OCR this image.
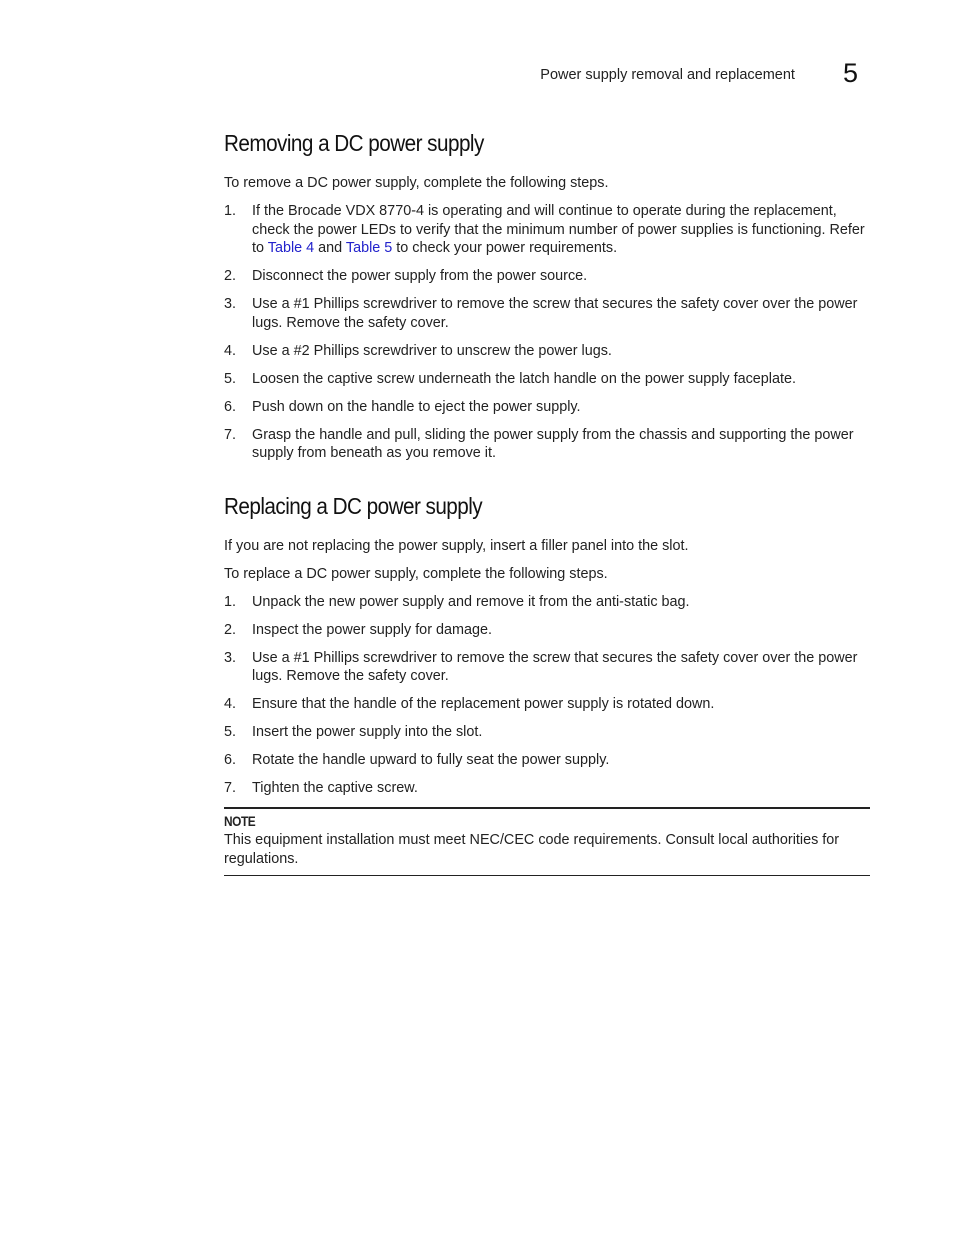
Power supply removal and replacement 5
Removing a DC power supply

To remove a DC power supply, complete the following steps.

1.	If the Brocade VDX 8770-4 is operating and will continue to operate during the replacement, check the power LEDs to verify that the minimum number of power supplies is functioning. Refer to Table 4 and Table 5 to check your power requirements.
2.	Disconnect the power supply from the power source.
3.	Use a #1 Phillips screwdriver to remove the screw that secures the safety cover over the power lugs. Remove the safety cover.
4.	Use a #2 Phillips screwdriver to unscrew the power lugs.
5.	Loosen the captive screw underneath the latch handle on the power supply faceplate.
6.	Push down on the handle to eject the power supply.
7.	Grasp the handle and pull, sliding the power supply from the chassis and supporting the power supply from beneath as you remove it.
Replacing a DC power supply

If you are not replacing the power supply, insert a filler panel into the slot.

To replace a DC power supply, complete the following steps.

1.	Unpack the new power supply and remove it from the anti-static bag.
2.	Inspect the power supply for damage.
3.	Use a #1 Phillips screwdriver to remove the screw that secures the safety cover over the power lugs. Remove the safety cover.
4.	Ensure that the handle of the replacement power supply is rotated down.
5.	Insert the power supply into the slot.
6.	Rotate the handle upward to fully seat the power supply.
7.	Tighten the captive screw.
NOTE
This equipment installation must meet NEC/CEC code requirements. Consult local authorities for regulations.
